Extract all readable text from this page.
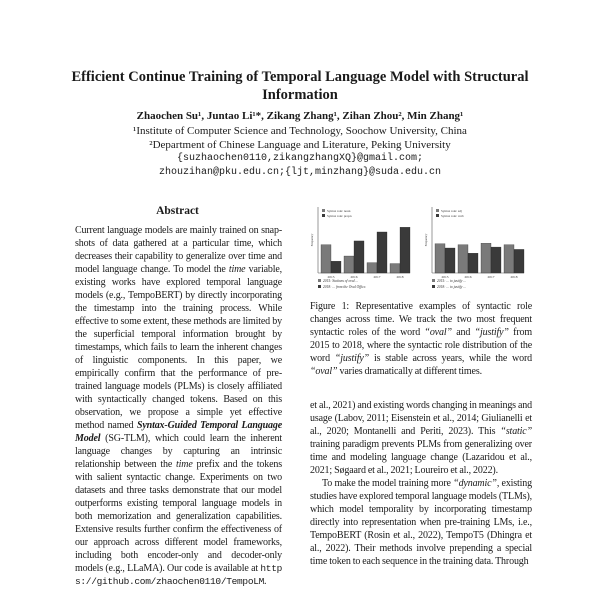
Efficient Continue Training of Temporal Language Model with Structural Information
Zhaochen Su¹, Juntao Li¹*, Zikang Zhang¹, Zihan Zhou², Min Zhang¹
¹Institute of Computer Science and Technology, Soochow University, China
²Department of Chinese Language and Literature, Peking University
{suzhaochen0110,zikangzhangXQ}@gmail.com;
zhouzihan@pku.edu.cn;{ljt,minzhang}@suda.edu.cn
Abstract
Current language models are mainly trained on snap-shots of data gathered at a particular time, which decreases their capability to generalize over time and model language change. To model the time variable, existing works have explored temporal language models (e.g., TempoBERT) by directly incorporating the timestamp into the training process. While effective to some extent, these methods are limited by the superficial temporal information brought by timestamps, which fails to learn the inherent changes of linguistic components. In this paper, we empirically confirm that the performance of pre-trained language models (PLMs) is closely affiliated with syntactically changed tokens. Based on this observation, we propose a simple yet effective method named Syntax-Guided Temporal Language Model (SG-TLM), which could learn the inherent language changes by capturing an intrinsic relationship between the time prefix and the tokens with salient syntactic change. Experiments on two datasets and three tasks demonstrate that our model outperforms existing temporal language models in both memorization and generalization capabilities. Extensive results further confirm the effectiveness of our approach across different model frameworks, including both encoder-only and decoder-only models (e.g., LLaMA). Our code is available at https://github.com/zhaochen0110/TempoLM.
Frequency
2015	2016	2017	2018
Syntax role: noun
2015: Stations of oval ...
Syntax role: propn
2018: ... from the Oval Office.
Frequency
2015	2016	2017	2018
Syntax role: adj
2015: ... to justify ...
Syntax role: verb
2018: ... to justify ...
Figure 1: Representative examples of syntactic role changes across time. We track the two most frequent syntactic roles of the word “oval” and “justify” from 2015 to 2018, where the syntactic role distribution of the word “justify” is stable across years, while the word “oval” varies dramatically at different times.

et al., 2021) and existing words changing in meanings and usage (Labov, 2011; Eisenstein et al., 2014; Giulianelli et al., 2020; Montanelli and Periti, 2023). This “static” training paradigm prevents PLMs from generalizing over time and modeling language change (Lazaridou et al., 2021; Søgaard et al., 2021; Loureiro et al., 2022).

To make the model training more “dynamic”, existing studies have explored temporal language models (TLMs), which model temporality by incorporating timestamp directly into representation when pre-training LMs, i.e., TempoBERT (Rosin et al., 2022), TempoT5 (Dhingra et al., 2022). Their methods involve prepending a special time token to each sequence in the training data. Through
